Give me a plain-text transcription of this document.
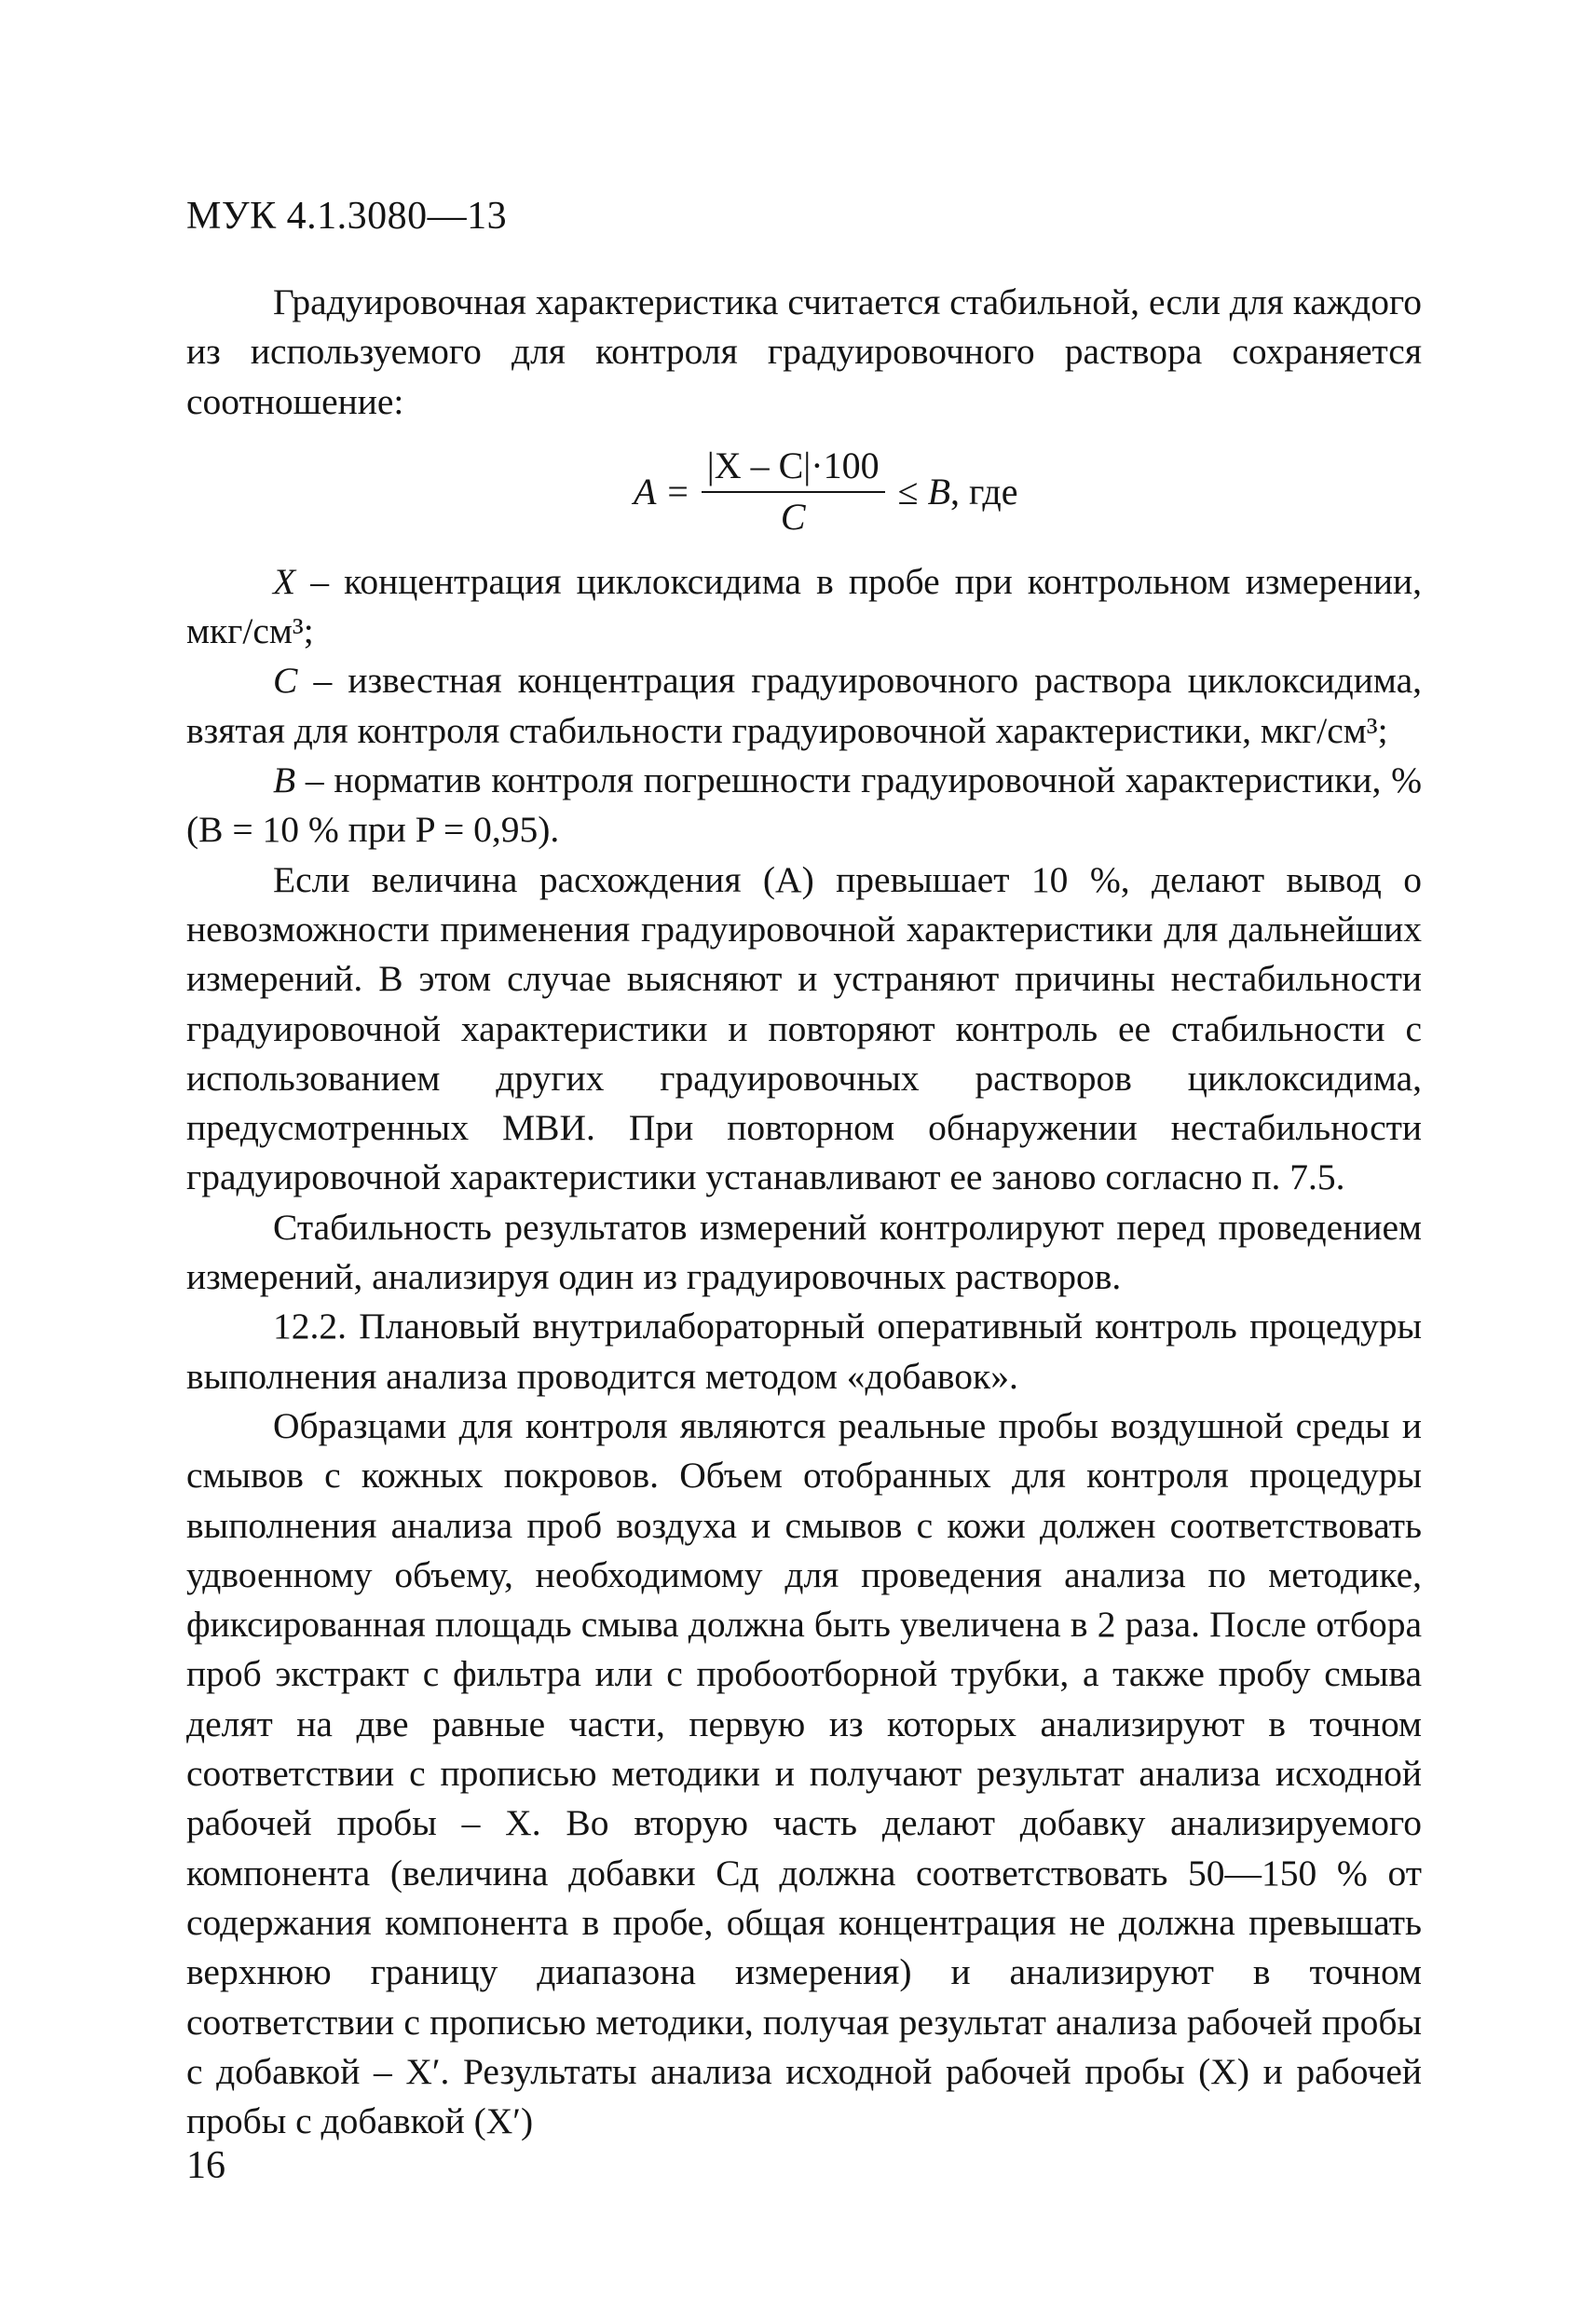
МУК 4.1.3080—13

Градуировочная характеристика считается стабильной, если для каждого из используемого для контроля градуировочного раствора сохраняется соотношение:

$A = \frac{|X - C|\cdot 100}{C} \le B$, где

X – концентрация циклоксидима в пробе при контрольном измерении, мкг/см³;

C – известная концентрация градуировочного раствора циклоксидима, взятая для контроля стабильности градуировочной характеристики, мкг/см³;

B – норматив контроля погрешности градуировочной характеристики, % (B = 10 % при P = 0,95).

Если величина расхождения (A) превышает 10 %, делают вывод о невозможности применения градуировочной характеристики для дальнейших измерений. В этом случае выясняют и устраняют причины нестабильности градуировочной характеристики и повторяют контроль ее стабильности с использованием других градуировочных растворов циклоксидима, предусмотренных МВИ. При повторном обнаружении нестабильности градуировочной характеристики устанавливают ее заново согласно п. 7.5.

Стабильность результатов измерений контролируют перед проведением измерений, анализируя один из градуировочных растворов.

12.2. Плановый внутрилабораторный оперативный контроль процедуры выполнения анализа проводится методом «добавок».

Образцами для контроля являются реальные пробы воздушной среды и смывов с кожных покровов. Объем отобранных для контроля процедуры выполнения анализа проб воздуха и смывов с кожи должен соответствовать удвоенному объему, необходимому для проведения анализа по методике, фиксированная площадь смыва должна быть увеличена в 2 раза. После отбора проб экстракт с фильтра или с пробоотборной трубки, а также пробу смыва делят на две равные части, первую из которых анализируют в точном соответствии с прописью методики и получают результат анализа исходной рабочей пробы – X. Во вторую часть делают добавку анализируемого компонента (величина добавки Cд должна соответствовать 50—150 % от содержания компонента в пробе, общая концентрация не должна превышать верхнюю границу диапазона измерения) и анализируют в точном соответствии с прописью методики, получая результат анализа рабочей пробы с добавкой – X′. Результаты анализа исходной рабочей пробы (X) и рабочей пробы с добавкой (X′)

16
